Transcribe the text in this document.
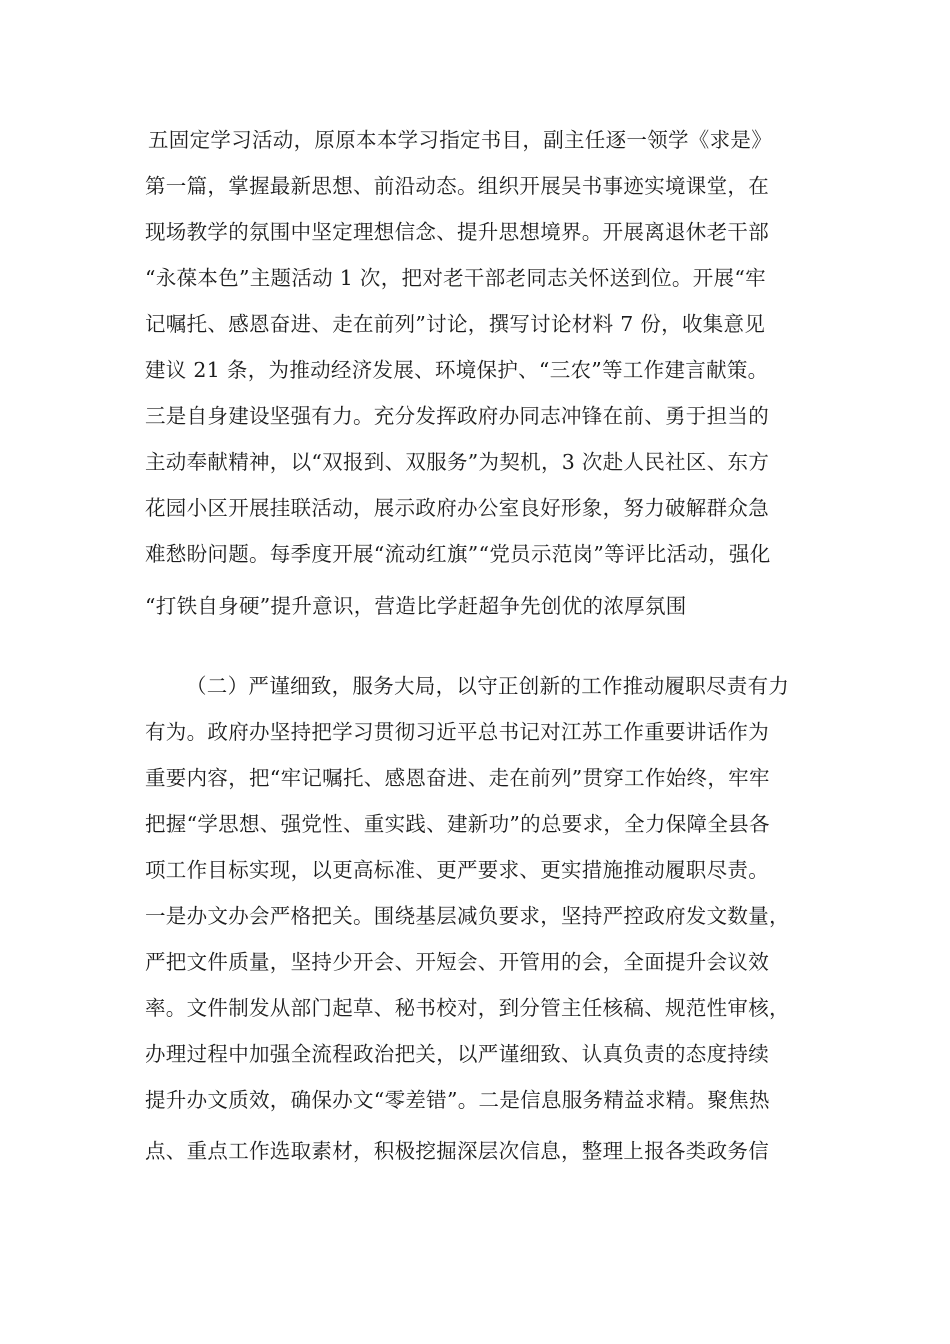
五固定学习活动，原原本本学习指定书目，副主任逐一领学《求是》

第一篇，掌握最新思想、前沿动态。组织开展吴书事迹实境课堂，在

现场教学的氛围中坚定理想信念、提升思想境界。开展离退休老干部

“永葆本色”主题活动 1 次，把对老干部老同志关怀送到位。开展“牢

记嘱托、感恩奋进、走在前列”讨论，撰写讨论材料 7 份，收集意见

建议 21 条，为推动经济发展、环境保护、“三农”等工作建言献策。

三是自身建设坚强有力。充分发挥政府办同志冲锋在前、勇于担当的

主动奉献精神，以“双报到、双服务”为契机，3 次赴人民社区、东方

花园小区开展挂联活动，展示政府办公室良好形象，努力破解群众急

难愁盼问题。每季度开展“流动红旗”“党员示范岗”等评比活动，强化

“打铁自身硬”提升意识，营造比学赶超争先创优的浓厚氛围

（二）严谨细致，服务大局，以守正创新的工作推动履职尽责有力

有为。政府办坚持把学习贯彻习近平总书记对江苏工作重要讲话作为

重要内容，把“牢记嘱托、感恩奋进、走在前列”贯穿工作始终，牢牢

把握“学思想、强党性、重实践、建新功”的总要求，全力保障全县各

项工作目标实现，以更高标准、更严要求、更实措施推动履职尽责。

一是办文办会严格把关。围绕基层减负要求，坚持严控政府发文数量，

严把文件质量，坚持少开会、开短会、开管用的会，全面提升会议效

率。文件制发从部门起草、秘书校对，到分管主任核稿、规范性审核，

办理过程中加强全流程政治把关，以严谨细致、认真负责的态度持续

提升办文质效，确保办文“零差错”。二是信息服务精益求精。聚焦热

点、重点工作选取素材，积极挖掘深层次信息，整理上报各类政务信
